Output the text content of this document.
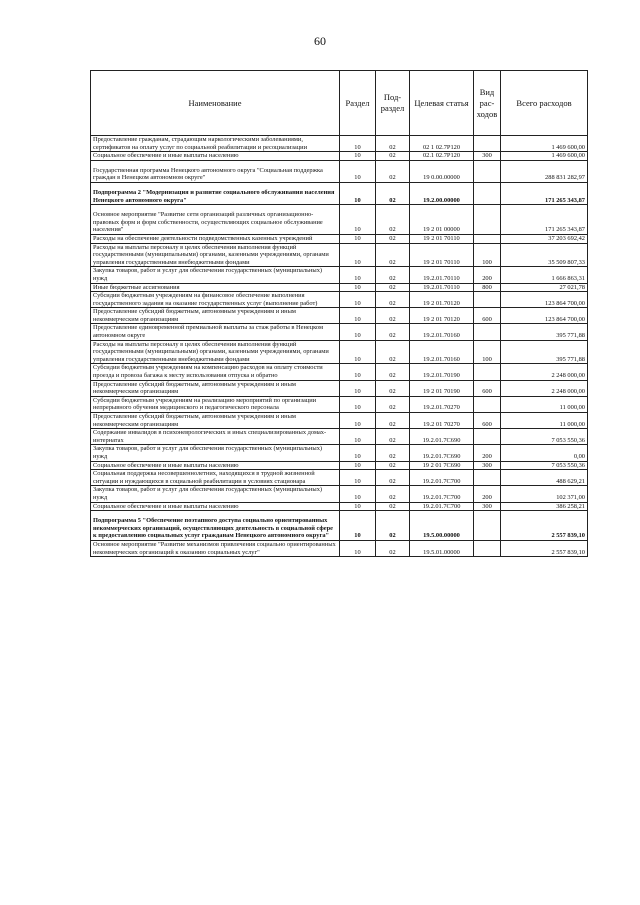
60
Наименование	Раздел	Под-раздел	Целевая статья	Вид рас-ходов	Всего расходов
Предоставление гражданам, страдающим наркологическими заболеваниями, сертификатов на оплату услуг по социальной реабилитации и ресоциализации	10	02	02 1 02.7P120		1 469 600,00
Социальное обеспечение и иные выплаты населению	10	02	02.1 02.7P120	300	1 469 600,00
Государственная программа Ненецкого автономного округа "Социальная поддержка граждан в Ненецком автономном округе"	10	02	19 0.00.00000		288 831 282,97
Подпрограмма 2 "Модернизация и развитие социального обслуживания населения Ненецкого автономного округа"	10	02	19.2.00.00000		171 265 343,87
Основное мероприятие "Развитие сети организаций различных организационно-правовых форм и форм собственности, осуществляющих социальное обслуживание населения"	10	02	19 2 01 00000		171 265 343,87
Расходы на обеспечение деятельности подведомственных казенных учреждений	10	02	19 2 01 70110		37 203 692,42
Расходы на выплаты персоналу в целях обеспечения выполнения функций государственными (муниципальными) органами, казенными учреждениями, органами управления государственными внебюджетными фондами	10	02	19 2 01 70110	100	35 509 807,33
Закупка товаров, работ и услуг для обеспечения государственных (муниципальных) нужд	10	02	19.2.01.70110	200	1 666 863,31
Иные бюджетные ассигнования	10	02	19.2.01.70110	800	27 021,78
Субсидии бюджетным учреждениям на финансовое обеспечение выполнения государственного задания на оказание государственных услуг (выполнение работ)	10	02	19 2 01.70120		123 864 700,00
Предоставление субсидий бюджетным, автономным учреждениям и иным некоммерческим организациям	10	02	19 2 01 70120	600	123 864 700,00
Предоставление единовременной премиальной выплаты за стаж работы в Ненецком автономном округе	10	02	19.2.01.70160		395 771,88
Расходы на выплаты персоналу в целях обеспечения выполнения функций государственными (муниципальными) органами, казенными учреждениями, органами управления государственными внебюджетными фондами	10	02	19.2.01.70160	100	395 771,88
Субсидии бюджетным учреждениям на компенсацию расходов на оплату стоимости проезда и провоза багажа к месту использования отпуска и обратно	10	02	19.2.01.70190		2 248 000,00
Предоставление субсидий бюджетным, автономным учреждениям и иным некоммерческим организациям	10	02	19 2 01 70190	600	2 248 000,00
Субсидии бюджетным учреждениям на реализацию мероприятий по организации непрерывного обучения медицинского и педагогического персонала	10	02	19.2.01.70270		11 000,00
Предоставление субсидий бюджетным, автономным учреждениям и иным некоммерческим организациям	10	02	19.2 01 70270	600	11 000,00
Содержание инвалидов в психоневрологических и иных специализированных домах-интернатах	10	02	19.2.01.7С690		7 053 550,36
Закупка товаров, работ и услуг для обеспечения государственных (муниципальных) нужд	10	02	19.2.01.7С690	200	0,00
Социальное обеспечение и иные выплаты населению	10	02	19 2 01 7С690	300	7 053 550,36
Социальная поддержка несовершеннолетних, находящихся в трудной жизненной ситуации и нуждающихся в социальной реабилитации в условиях стационара	10	02	19.2.01.7С700		488 629,21
Закупка товаров, работ и услуг для обеспечения государственных (муниципальных) нужд	10	02	19.2.01.7С700	200	102 371,00
Социальное обеспечение и иные выплаты населению	10	02	19.2.01.7С700	300	386 258,21
Подпрограмма 5 "Обеспечение поэтапного доступа социально ориентированных некоммерческих организаций, осуществляющих деятельность в социальной сфере к предоставлению социальных услуг гражданам Ненецкого автономного округа"	10	02	19.5.00.00000		2 557 839,10
Основное мероприятие "Развитие механизмов привлечения социально ориентированных некоммерческих организаций к оказанию социальных услуг"	10	02	19.5.01.00000		2 557 839,10
